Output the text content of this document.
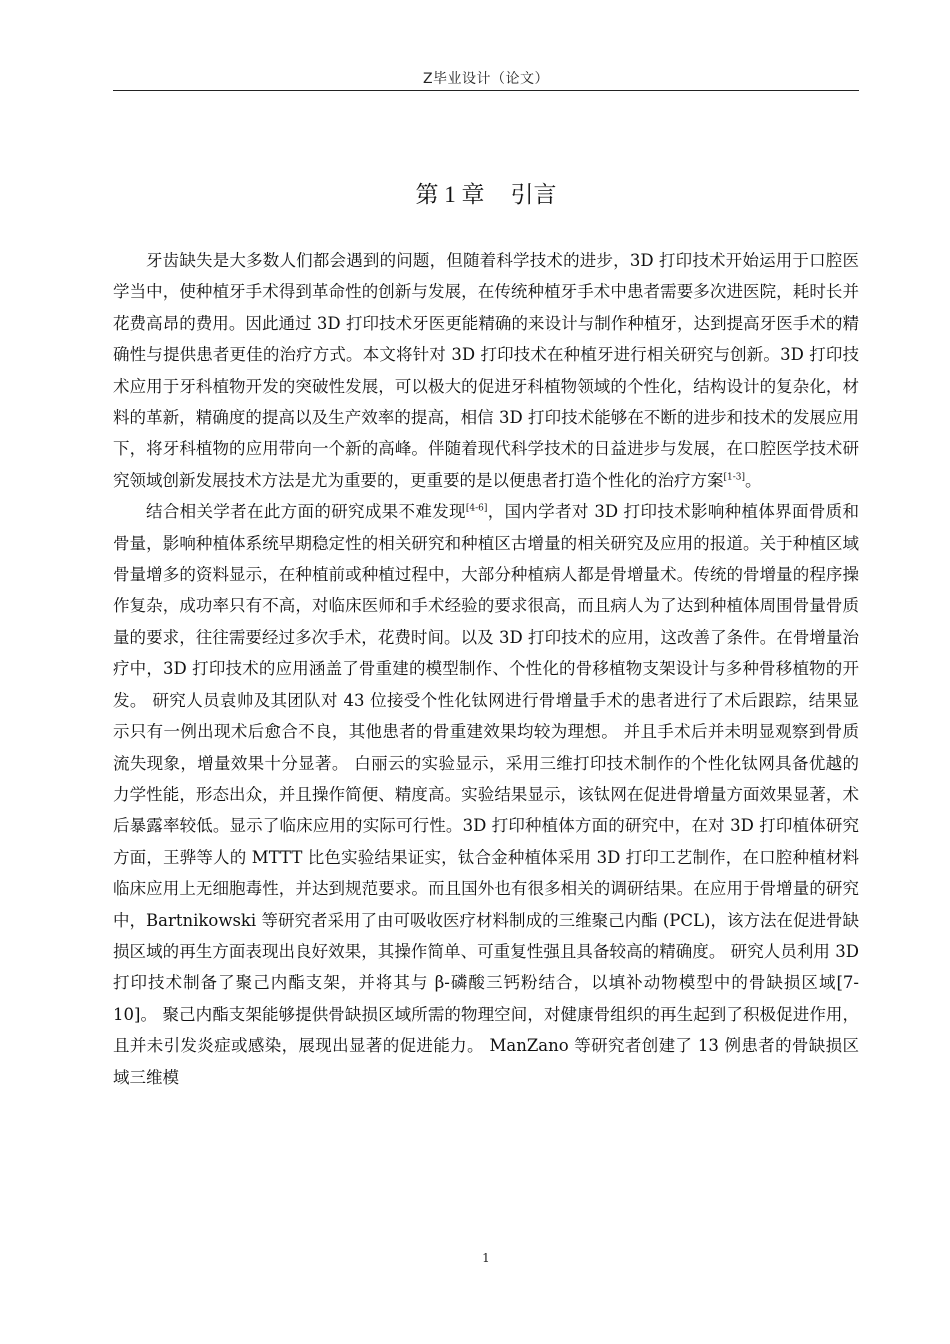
Z毕业设计（论文）
第 1 章 引言

牙齿缺失是大多数人们都会遇到的问题，但随着科学技术的进步，3D 打印技术开始运用于口腔医学当中，使种植牙手术得到革命性的创新与发展，在传统种植牙手术中患者需要多次进医院，耗时长并花费高昂的费用。因此通过 3D 打印技术牙医更能精确的来设计与制作种植牙，达到提高牙医手术的精确性与提供患者更佳的治疗方式。本文将针对 3D 打印技术在种植牙进行相关研究与创新。3D 打印技术应用于牙科植物开发的突破性发展，可以极大的促进牙科植物领域的个性化，结构设计的复杂化，材料的革新，精确度的提高以及生产效率的提高，相信 3D 打印技术能够在不断的进步和技术的发展应用下，将牙科植物的应用带向一个新的高峰。伴随着现代科学技术的日益进步与发展，在口腔医学技术研究领域创新发展技术方法是尤为重要的，更重要的是以便患者打造个性化的治疗方案[1-3]。

结合相关学者在此方面的研究成果不难发现[4-6]，国内学者对 3D 打印技术影响种植体界面骨质和骨量，影响种植体系统早期稳定性的相关研究和种植区古增量的相关研究及应用的报道。关于种植区域骨量增多的资料显示，在种植前或种植过程中，大部分种植病人都是骨增量术。传统的骨增量的程序操作复杂，成功率只有不高，对临床医师和手术经验的要求很高，而且病人为了达到种植体周围骨量骨质量的要求，往往需要经过多次手术，花费时间。以及 3D 打印技术的应用，这改善了条件。在骨增量治疗中，3D 打印技术的应用涵盖了骨重建的模型制作、个性化的骨移植物支架设计与多种骨移植物的开发。 研究人员袁帅及其团队对 43 位接受个性化钛网进行骨增量手术的患者进行了术后跟踪，结果显示只有一例出现术后愈合不良，其他患者的骨重建效果均较为理想。 并且手术后并未明显观察到骨质流失现象，增量效果十分显著。 白丽云的实验显示，采用三维打印技术制作的个性化钛网具备优越的力学性能，形态出众，并且操作简便、精度高。实验结果显示，该钛网在促进骨增量方面效果显著，术后暴露率较低。显示了临床应用的实际可行性。3D 打印种植体方面的研究中，在对 3D 打印植体研究方面，王骅等人的 MTTT 比色实验结果证实，钛合金种植体采用 3D 打印工艺制作，在口腔种植材料临床应用上无细胞毒性，并达到规范要求。而且国外也有很多相关的调研结果。在应用于骨增量的研究中，Bartnikowski 等研究者采用了由可吸收医疗材料制成的三维聚己内酯 (PCL)，该方法在促进骨缺损区域的再生方面表现出良好效果，其操作简单、可重复性强且具备较高的精确度。 研究人员利用 3D 打印技术制备了聚己内酯支架，并将其与 β-磷酸三钙粉结合，以填补动物模型中的骨缺损区域[7-10]。 聚己内酯支架能够提供骨缺损区域所需的物理空间，对健康骨组织的再生起到了积极促进作用，且并未引发炎症或感染，展现出显著的促进能力。 ManZano 等研究者创建了 13 例患者的骨缺损区域三维模

1
